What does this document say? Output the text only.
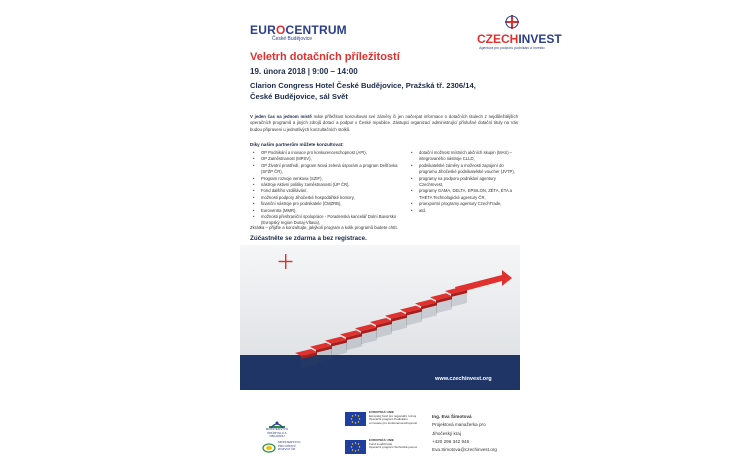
EUROCENTRUM
České Budějovice	CZECHINVEST
Agentura pro podporu podnikání a investic
Veletrh dotačních příležitostí
19. února 2018 | 9:00 – 14:00
Clarion Congress Hotel České Budějovice, Pražská tř. 2306/14,
České Budějovice, sál Svět
V jeden čas na jednom místě máte příležitost konzultovat své záměry či jen načerpat informace o dotačních titulech z nejdůležitějších operačních programů a jiných zdrojů dotací a podpor v České republice. Zástupci organizací administrující příslušné dotační tituly na Vás budou připraveni u jednotlivých konzultačních stolků.
Díky našim partnerům můžete konzultovat:
• OP Podnikání a inovace pro konkurenceschopnost (API),
• OP Zaměstnanost (MPSV),
• OP Životní prostředí, program Nová zelená úsporám a program Dešťovka (SFŽP ČR),
• Program rozvoje venkova (SZIF),
• nástroje Aktivní politiky zaměstnanosti (ÚP ČR),
• Fond dalšího vzdělávání,
• možnosti podpory Jihočeské hospodářské komory,
• finanční nástroje pro podnikatele (ČMZRB),
• Euroventra (MMR),
• možnosti přeshraniční spolupráce - Poradenská kancelář Dolní Bavorsko (Evropský region Dunaj-Vltava),
• dotační možnost místních akčních skupin (MAS) – integrovaného nástroje CLLD,
• podnikatelské záměry a možnosti zapojení do programu Jihočeské podnikatelské voucher (JVTP),
• programy na podporu podnikání agentury CzechInvest,
• programy GAMA, DELTA, EPSILON, ZÉTA, ÉTA a THÉTA Technologické agentury ČR,
• proexportní programy agentury CzechTrade,
• atd.
Zkrátka – přijďte a konzultujte, jakýkoli program a kolik programů budete chtít.
Zúčastněte se zdarma a bez registrace.
www.czechinvest.org
MINISTERSTVO
PRŮMYSLU A OBCHODU
MINISTERSTVO
PRO MÍSTNÍ
ROZVOJ ČR
EVROPSKÁ UNIE
Evropský fond pro regionální rozvoj
Operační program Podnikání
a inovace pro konkurenceschopnost
EVROPSKÁ UNIE
Fond soudržnosti
Operační program Technická pomoc
Ing. Eva Šimotová
Projektová manažerka pro
Jihočeský kraj
+420 296 342 946
Eva.Simotova@czechinvest.org
